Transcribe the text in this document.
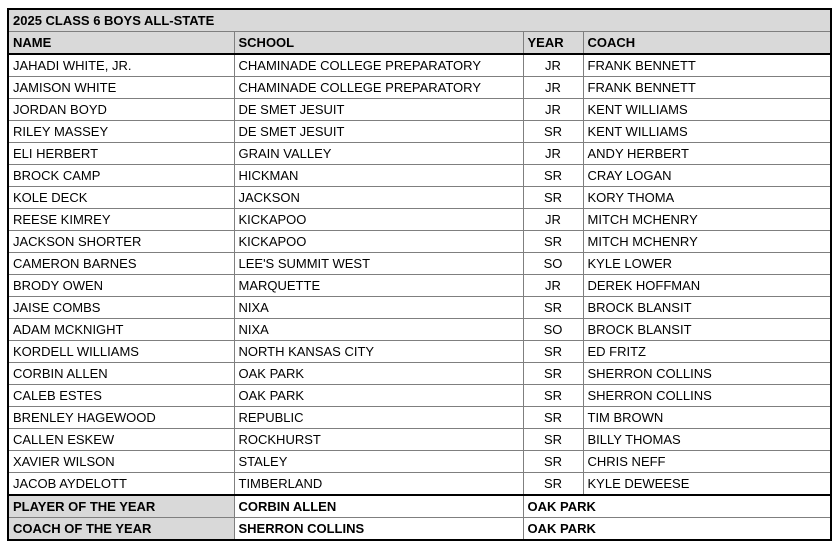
2025 CLASS 6 BOYS ALL-STATE			
NAME	SCHOOL	YEAR	COACH
JAHADI WHITE, JR.	CHAMINADE COLLEGE PREPARATORY	JR	FRANK BENNETT
JAMISON WHITE	CHAMINADE COLLEGE PREPARATORY	JR	FRANK BENNETT
JORDAN BOYD	DE SMET JESUIT	JR	KENT WILLIAMS
RILEY MASSEY	DE SMET JESUIT	SR	KENT WILLIAMS
ELI HERBERT	GRAIN VALLEY	JR	ANDY HERBERT
BROCK CAMP	HICKMAN	SR	CRAY LOGAN
KOLE DECK	JACKSON	SR	KORY THOMA
REESE KIMREY	KICKAPOO	JR	MITCH MCHENRY
JACKSON SHORTER	KICKAPOO	SR	MITCH MCHENRY
CAMERON BARNES	LEE'S SUMMIT WEST	SO	KYLE LOWER
BRODY OWEN	MARQUETTE	JR	DEREK HOFFMAN
JAISE COMBS	NIXA	SR	BROCK BLANSIT
ADAM MCKNIGHT	NIXA	SO	BROCK BLANSIT
KORDELL WILLIAMS	NORTH KANSAS CITY	SR	ED FRITZ
CORBIN ALLEN	OAK PARK	SR	SHERRON COLLINS
CALEB ESTES	OAK PARK	SR	SHERRON COLLINS
BRENLEY HAGEWOOD	REPUBLIC	SR	TIM BROWN
CALLEN ESKEW	ROCKHURST	SR	BILLY THOMAS
XAVIER WILSON	STALEY	SR	CHRIS NEFF
JACOB AYDELOTT	TIMBERLAND	SR	KYLE DEWEESE
PLAYER OF THE YEAR	CORBIN ALLEN	OAK PARK	
COACH OF THE YEAR	SHERRON COLLINS	OAK PARK	
